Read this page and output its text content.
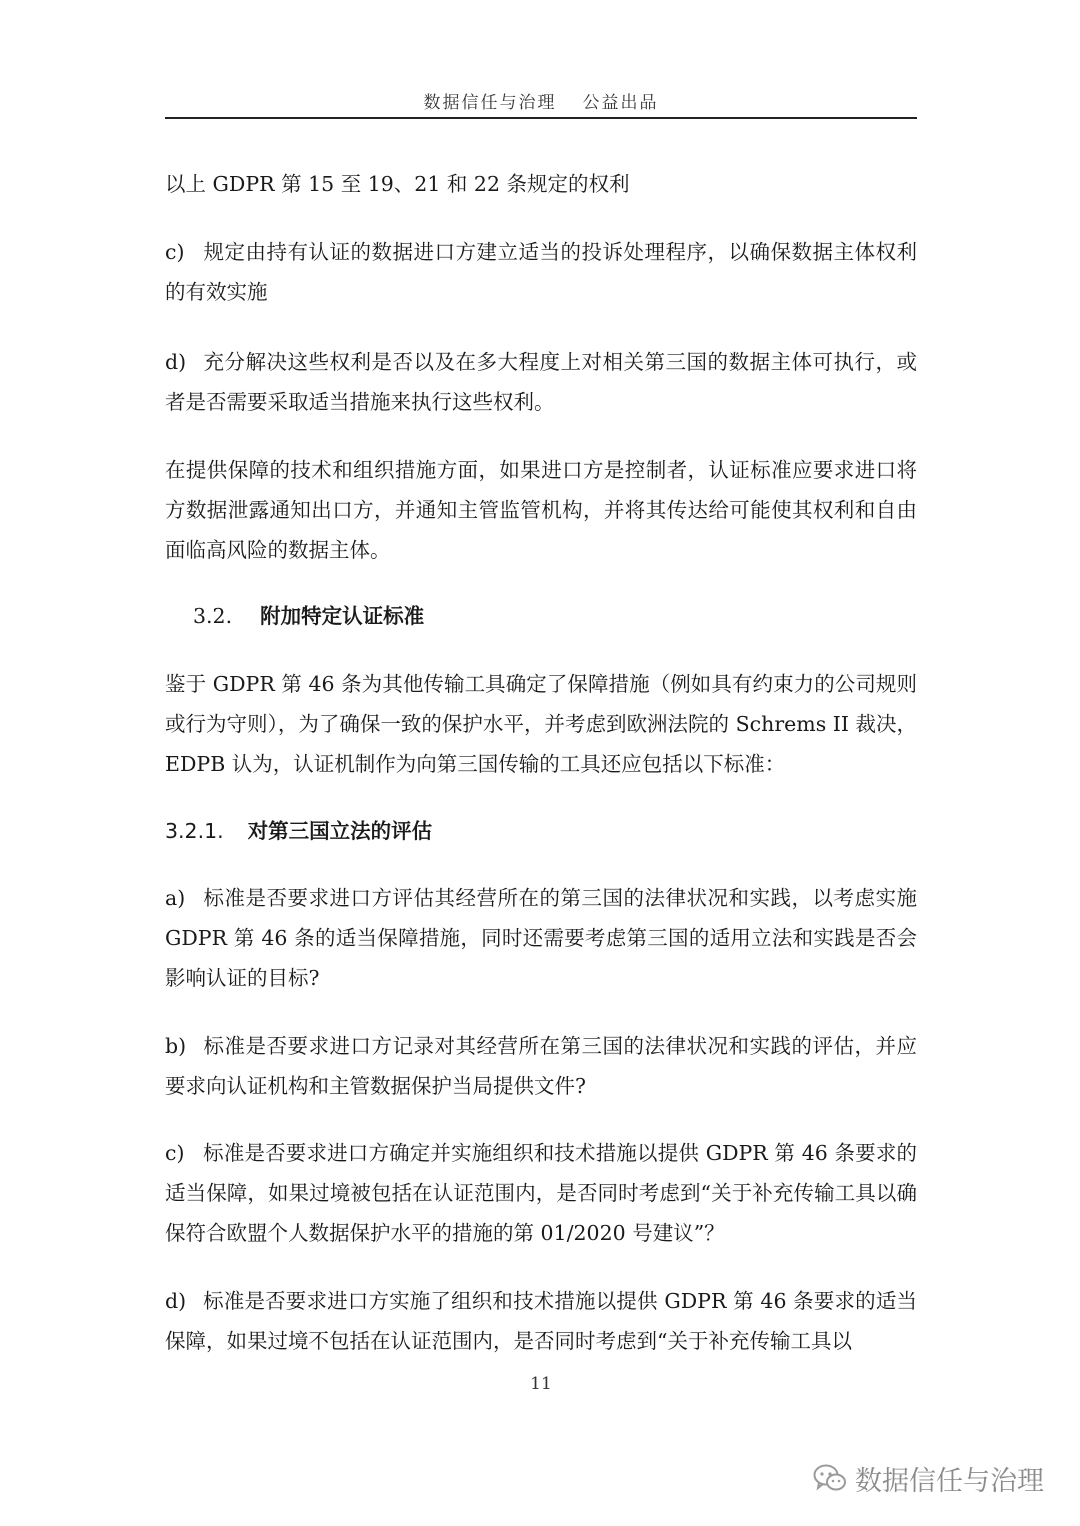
数据信任与治理 公益出品

以上 GDPR 第 15 至 19、21 和 22 条规定的权利

c) 规定由持有认证的数据进口方建立适当的投诉处理程序，以确保数据主体权利的有效实施

d) 充分解决这些权利是否以及在多大程度上对相关第三国的数据主体可执行，或者是否需要采取适当措施来执行这些权利。

在提供保障的技术和组织措施方面，如果进口方是控制者，认证标准应要求进口将方数据泄露通知出口方，并通知主管监管机构，并将其传达给可能使其权利和自由面临高风险的数据主体。

3.2. 附加特定认证标准

鉴于 GDPR 第 46 条为其他传输工具确定了保障措施（例如具有约束力的公司规则或行为守则），为了确保一致的保护水平，并考虑到欧洲法院的 Schrems II 裁决，EDPB 认为，认证机制作为向第三国传输的工具还应包括以下标准：

3.2.1. 对第三国立法的评估

a) 标准是否要求进口方评估其经营所在的第三国的法律状况和实践，以考虑实施 GDPR 第 46 条的适当保障措施，同时还需要考虑第三国的适用立法和实践是否会影响认证的目标?

b) 标准是否要求进口方记录对其经营所在第三国的法律状况和实践的评估，并应要求向认证机构和主管数据保护当局提供文件?

c) 标准是否要求进口方确定并实施组织和技术措施以提供 GDPR 第 46 条要求的适当保障，如果过境被包括在认证范围内，是否同时考虑到“关于补充传输工具以确保符合欧盟个人数据保护水平的措施的第 01/2020 号建议”？

d) 标准是否要求进口方实施了组织和技术措施以提供 GDPR 第 46 条要求的适当保障，如果过境不包括在认证范围内，是否同时考虑到“关于补充传输工具以

11
数据信任与治理
